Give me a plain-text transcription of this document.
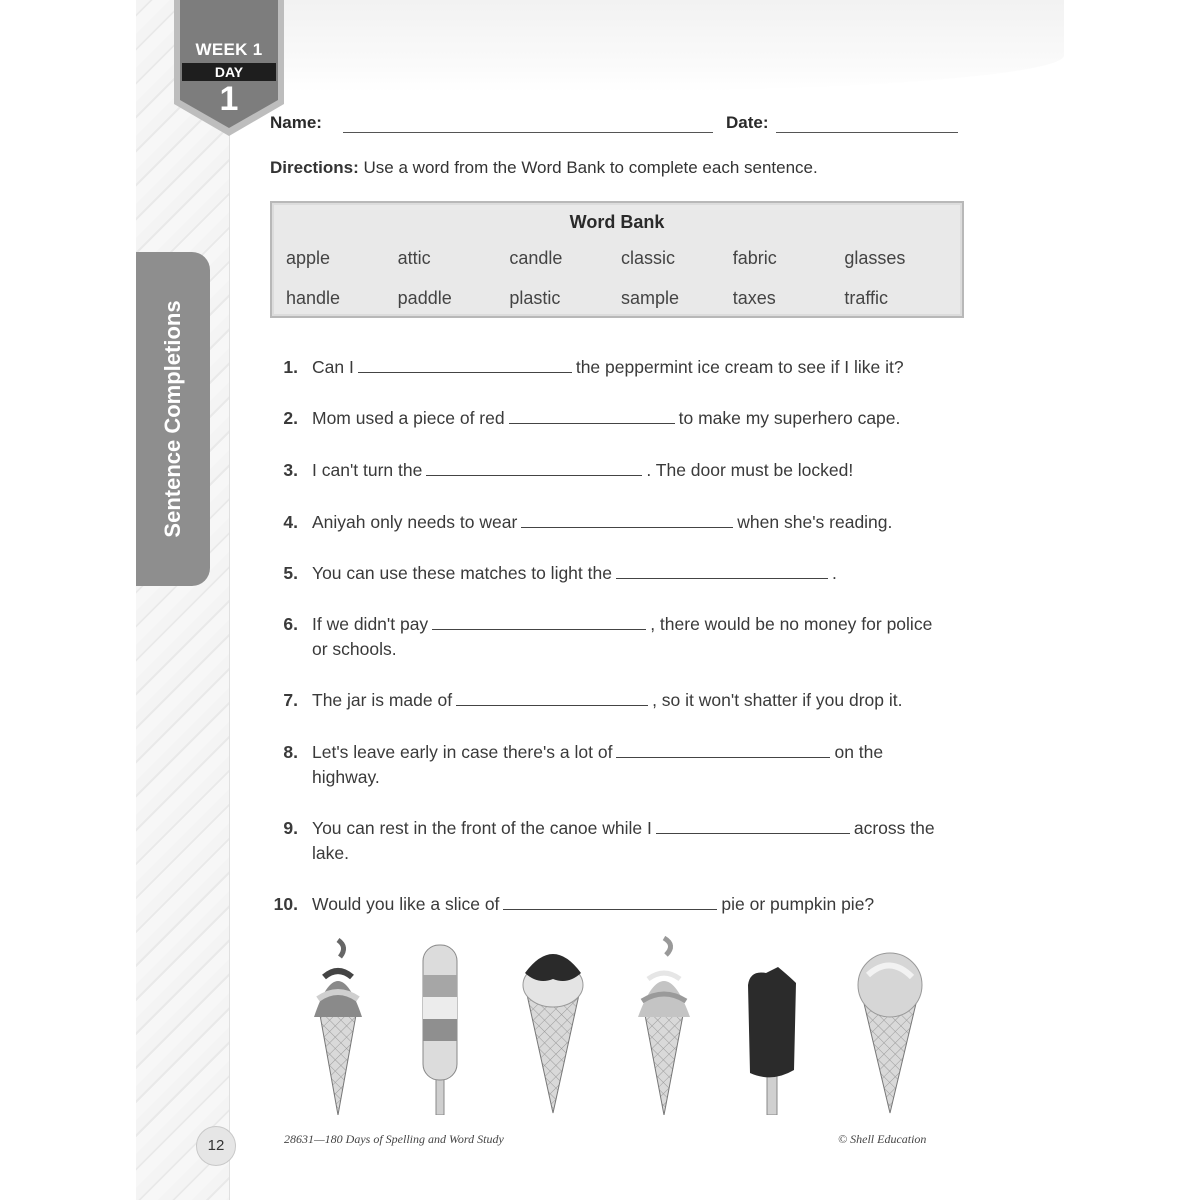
WEEK 1
DAY
1
Sentence Completions
Name:	Date:
Directions: Use a word from the Word Bank to complete each sentence.
Word Bank
apple	attic	candle	classic	fabric	glasses
handle	paddle	plastic	sample	taxes	traffic
1. Can I	the peppermint ice cream to see if I like it?
2. Mom used a piece of red	to make my superhero cape.
3. I can't turn the	. The door must be locked!
4. Aniyah only needs to wear	when she's reading.
5. You can use these matches to light the	.
6. If we didn't pay	, there would be no money for police or schools.
7. The jar is made of	, so it won't shatter if you drop it.
8. Let's leave early in case there's a lot of	on the highway.
9. You can rest in the front of the canoe while I	across the lake.
10. Would you like a slice of	pie or pumpkin pie?
12	28631—180 Days of Spelling and Word Study	© Shell Education
